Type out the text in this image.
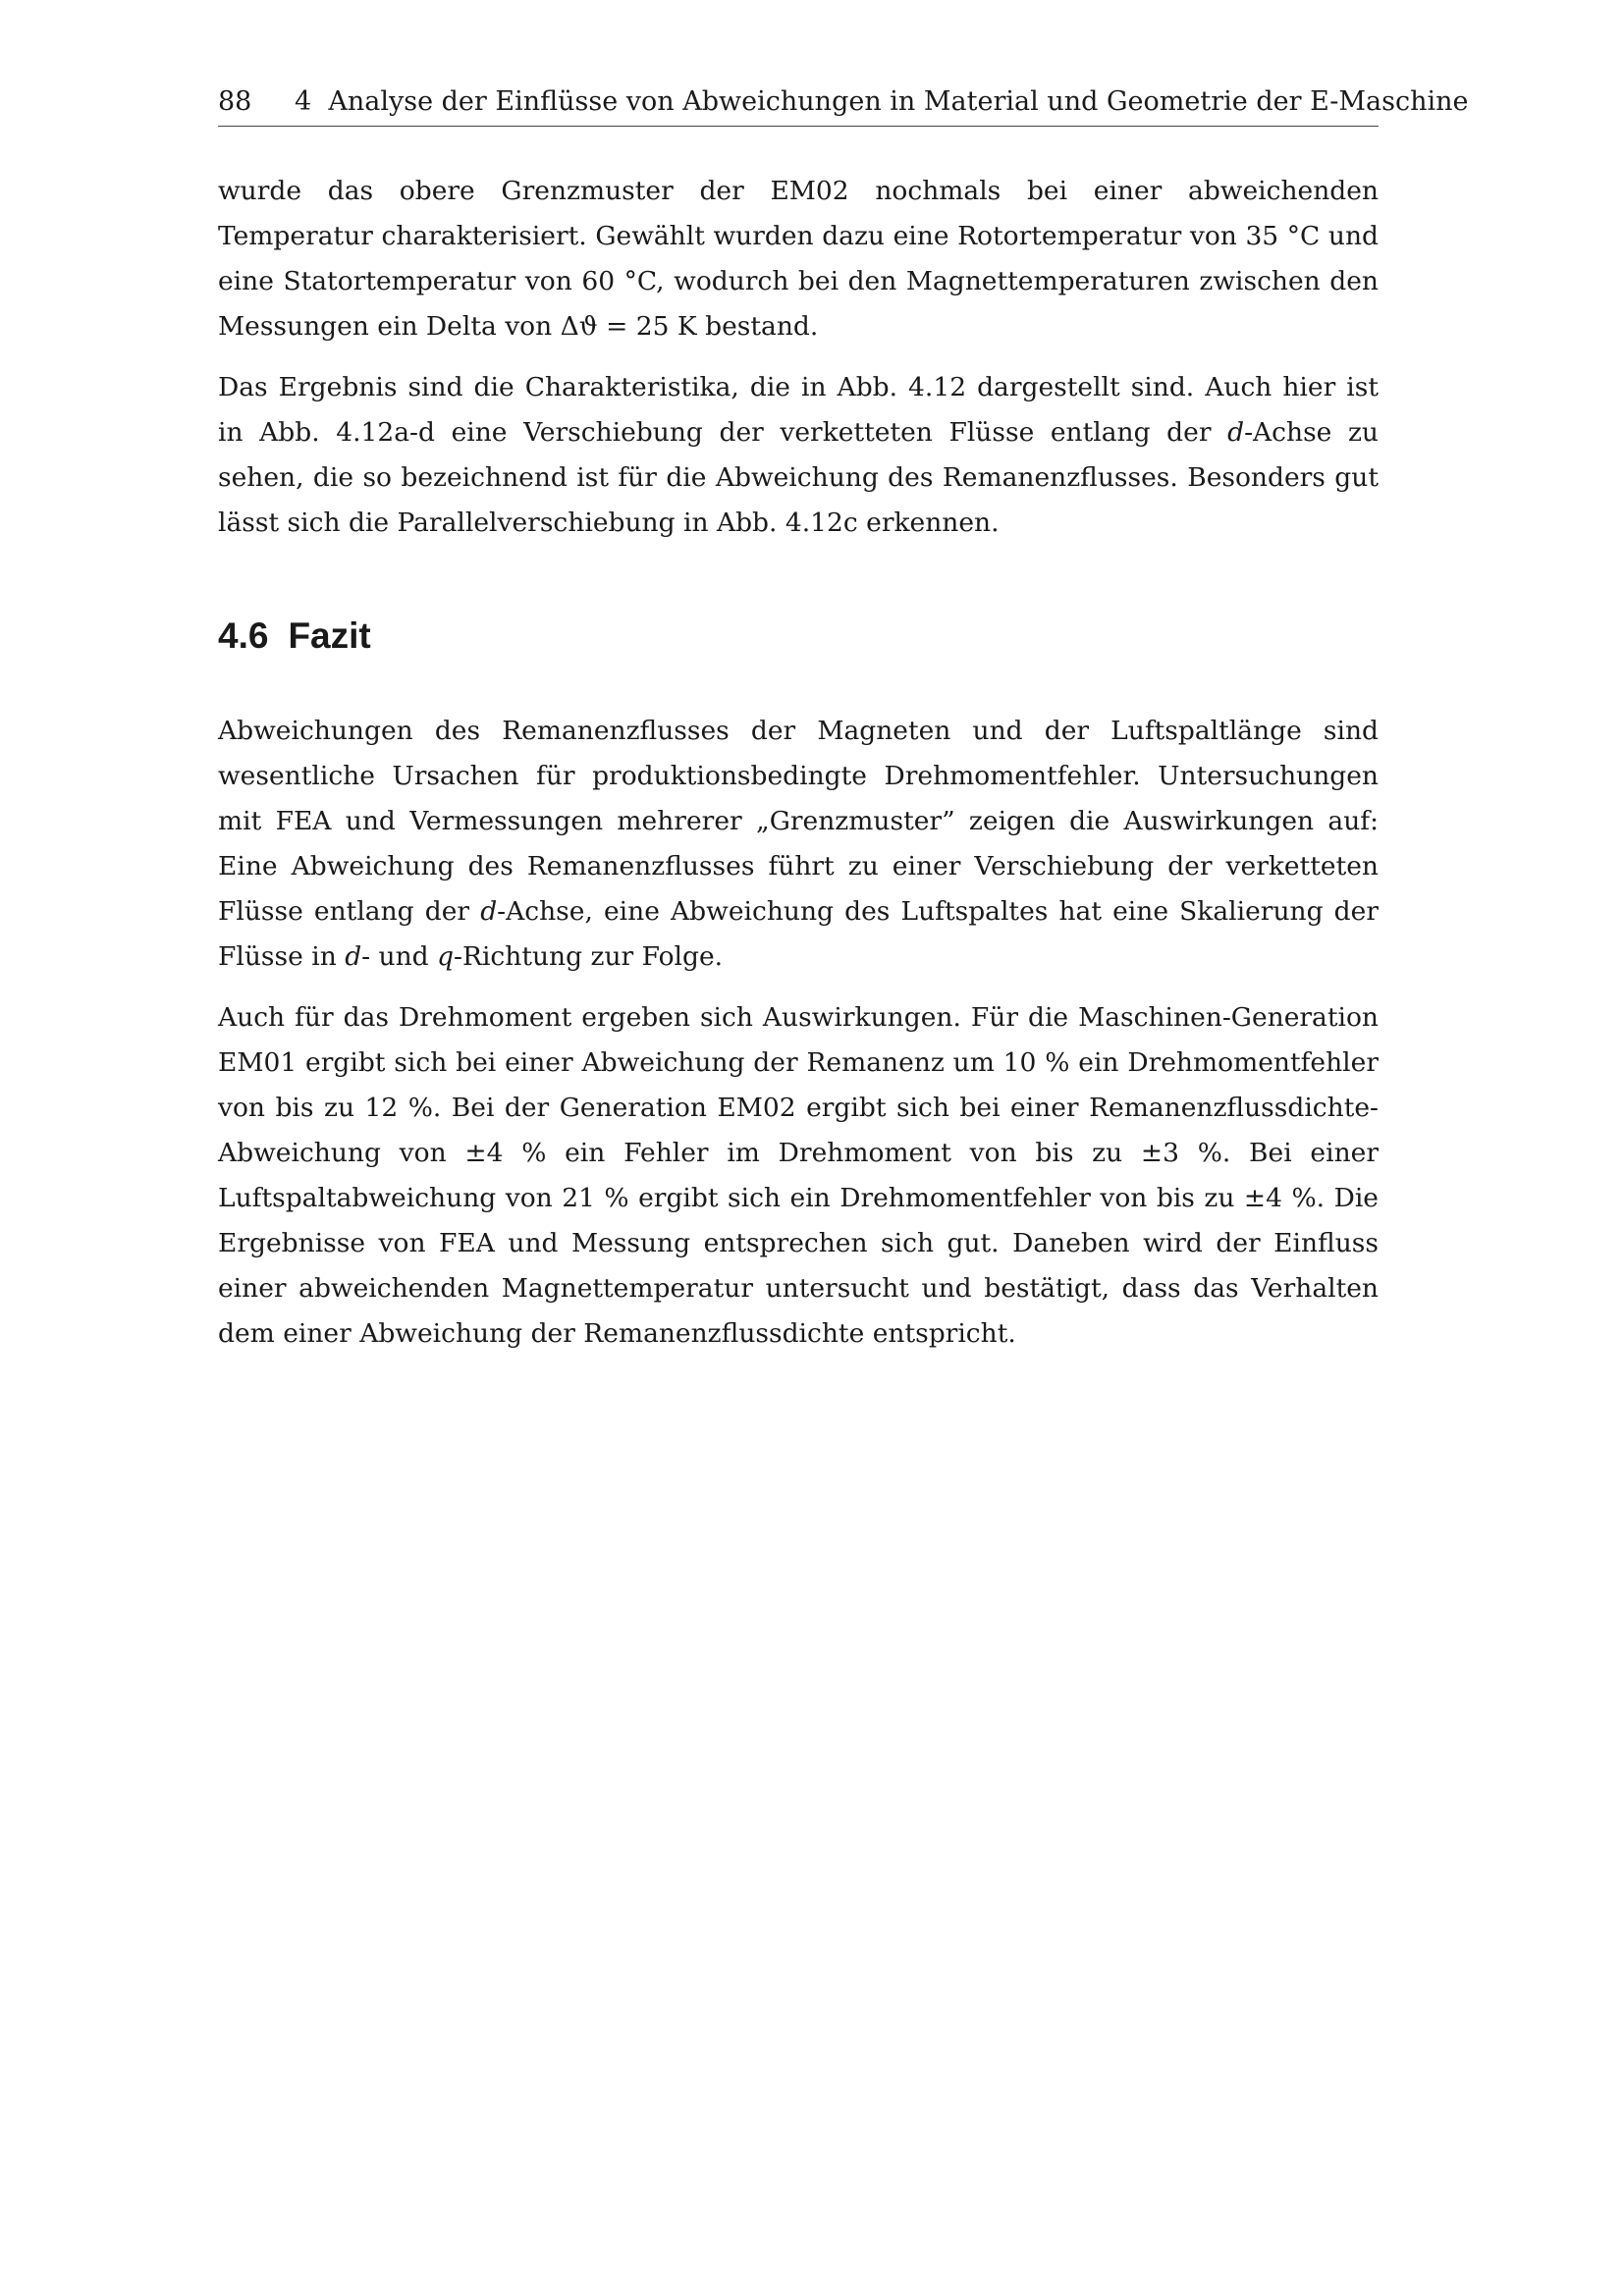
88 4  Analyse der Einflüsse von Abweichungen in Material und Geometrie der E-Maschine

wurde das obere Grenzmuster der EM02 nochmals bei einer abweichenden Temperatur charakterisiert. Gewählt wurden dazu eine Rotortemperatur von 35 °C und eine Statortemperatur von 60 °C, wodurch bei den Magnettemperaturen zwischen den Messungen ein Delta von Δϑ = 25 K bestand.

Das Ergebnis sind die Charakteristika, die in Abb. 4.12 dargestellt sind. Auch hier ist in Abb. 4.12a-d eine Verschiebung der verketteten Flüsse entlang der d-Achse zu sehen, die so bezeichnend ist für die Abweichung des Remanenzflusses. Besonders gut lässt sich die Parallelverschiebung in Abb. 4.12c erkennen.

4.6 Fazit

Abweichungen des Remanenzflusses der Magneten und der Luftspaltlänge sind wesentliche Ursachen für produktionsbedingte Drehmomentfehler. Untersuchungen mit FEA und Vermessungen mehrerer „Grenzmuster” zeigen die Auswirkungen auf: Eine Abweichung des Remanenzflusses führt zu einer Verschiebung der verketteten Flüsse entlang der d-Achse, eine Abweichung des Luftspaltes hat eine Skalierung der Flüsse in d- und q-Richtung zur Folge.

Auch für das Drehmoment ergeben sich Auswirkungen. Für die Maschinen-Generation EM01 ergibt sich bei einer Abweichung der Remanenz um 10 % ein Drehmomentfehler von bis zu 12 %. Bei der Generation EM02 ergibt sich bei einer Remanenzflussdichte-Abweichung von ±4 % ein Fehler im Drehmoment von bis zu ±3 %. Bei einer Luftspaltabweichung von 21 % ergibt sich ein Drehmomentfehler von bis zu ±4 %. Die Ergebnisse von FEA und Messung entsprechen sich gut. Daneben wird der Einfluss einer abweichenden Magnettemperatur untersucht und bestätigt, dass das Verhalten dem einer Abweichung der Remanenzflussdichte entspricht.
